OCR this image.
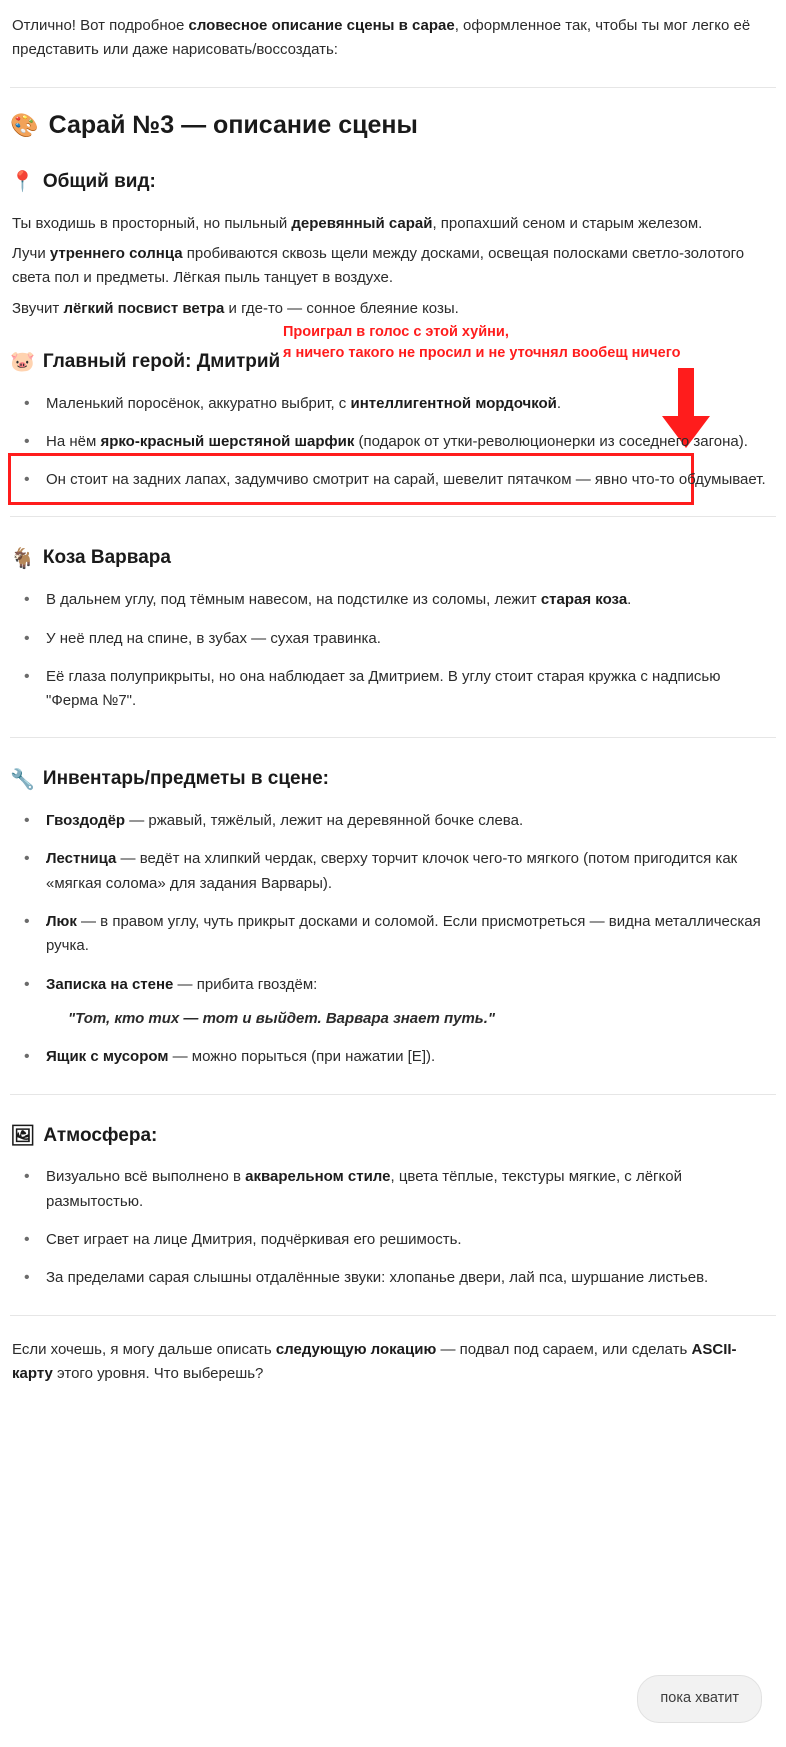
Отлично! Вот подробное словесное описание сцены в сарае, оформленное так, чтобы ты мог легко её представить или даже нарисовать/воссоздать:

🎨 Сарай №3 — описание сцены
📍 Общий вид:

Ты входишь в просторный, но пыльный деревянный сарай, пропахший сеном и старым железом.

Лучи утреннего солнца пробиваются сквозь щели между досками, освещая полосками светло-золотого света пол и предметы. Лёгкая пыль танцует в воздухе.

Звучит лёгкий посвист ветра и где-то — сонное блеяние козы.

Проиграл в голос с этой хуйни,
я ничего такого не просил и не уточнял вообещ ничего
🐷 Главный герой: Дмитрий
• Маленький поросёнок, аккуратно выбрит, с интеллигентной мордочкой.
• На нём ярко-красный шерстяной шарфик (подарок от утки-революционерки из соседнего загона).
• Он стоит на задних лапах, задумчиво смотрит на сарай, шевелит пятачком — явно что-то обдумывает.
🐐 Коза Варвара
• В дальнем углу, под тёмным навесом, на подстилке из соломы, лежит старая коза.
• У неё плед на спине, в зубах — сухая травинка.
• Её глаза полуприкрыты, но она наблюдает за Дмитрием. В углу стоит старая кружка с надписью "Ферма №7".
🔧 Инвентарь/предметы в сцене:
• Гвоздодёр — ржавый, тяжёлый, лежит на деревянной бочке слева.
• Лестница — ведёт на хлипкий чердак, сверху торчит клочок чего-то мягкого (потом пригодится как «мягкая солома» для задания Варвары).
• Люк — в правом углу, чуть прикрыт досками и соломой. Если присмотреться — видна металлическая ручка.
• Записка на стене — прибита гвоздём:
"Тот, кто тих — тот и выйдет. Варвара знает путь."
• Ящик с мусором — можно порыться (при нажатии [E]).
🖼 Атмосфера:
• Визуально всё выполнено в акварельном стиле, цвета тёплые, текстуры мягкие, с лёгкой размытостью.
• Свет играет на лице Дмитрия, подчёркивая его решимость.
• За пределами сарая слышны отдалённые звуки: хлопанье двери, лай пса, шуршание листьев.

Если хочешь, я могу дальше описать следующую локацию — подвал под сараем, или сделать ASCII-карту этого уровня. Что выберешь?

пока хватит
